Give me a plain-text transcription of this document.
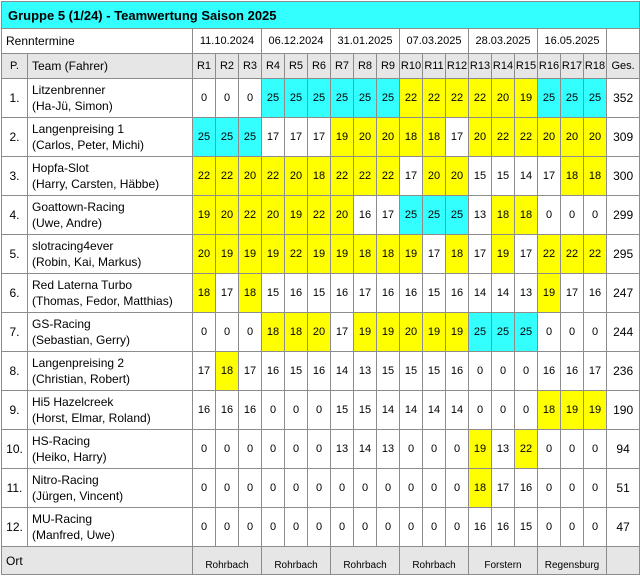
Gruppe 5 (1/24) - Teamwertung Saison 2025																				
Renntermine		11.10.2024			06.12.2024			31.01.2025			07.03.2025			28.03.2025			16.05.2025			
P.	Team (Fahrer)	R1	R2	R3	R4	R5	R6	R7	R8	R9	R10	R11	R12	R13	R14	R15	R16	R17	R18	Ges.
1.	Litzenbrenner
(Ha-Jü, Simon)	0	0	0	25	25	25	25	25	25	22	22	22	22	20	19	25	25	25	352
2.	Langenpreising 1
(Carlos, Peter, Michi)	25	25	25	17	17	17	19	20	20	18	18	17	20	22	22	20	20	20	309
3.	Hopfa-Slot
(Harry, Carsten, Häbbe)	22	22	20	22	20	18	22	22	22	17	20	20	15	15	14	17	18	18	300
4.	Goattown-Racing
(Uwe, Andre)	19	20	22	20	19	22	20	16	17	25	25	25	13	18	18	0	0	0	299
5.	slotracing4ever
(Robin, Kai, Markus)	20	19	19	19	22	19	19	18	18	19	17	18	17	19	17	22	22	22	295
6.	Red Laterna Turbo
(Thomas, Fedor, Matthias)	18	17	18	15	16	15	16	17	16	16	15	16	14	14	13	19	17	16	247
7.	GS-Racing
(Sebastian, Gerry)	0	0	0	18	18	20	17	19	19	20	19	19	25	25	25	0	0	0	244
8.	Langenpreising 2
(Christian, Robert)	17	18	17	16	15	16	14	13	15	15	15	16	0	0	0	16	16	17	236
9.	Hi5 Hazelcreek
(Horst, Elmar, Roland)	16	16	16	0	0	0	15	15	14	14	14	14	0	0	0	18	19	19	190
10.	HS-Racing
(Heiko, Harry)	0	0	0	0	0	0	13	14	13	0	0	0	19	13	22	0	0	0	94
11.	Nitro-Racing
(Jürgen, Vincent)	0	0	0	0	0	0	0	0	0	0	0	0	18	17	16	0	0	0	51
12.	MU-Racing
(Manfred, Uwe)	0	0	0	0	0	0	0	0	0	0	0	0	16	16	15	0	0	0	47
Ort		Rohrbach			Rohrbach			Rohrbach			Rohrbach			Forstern			Regensburg			
